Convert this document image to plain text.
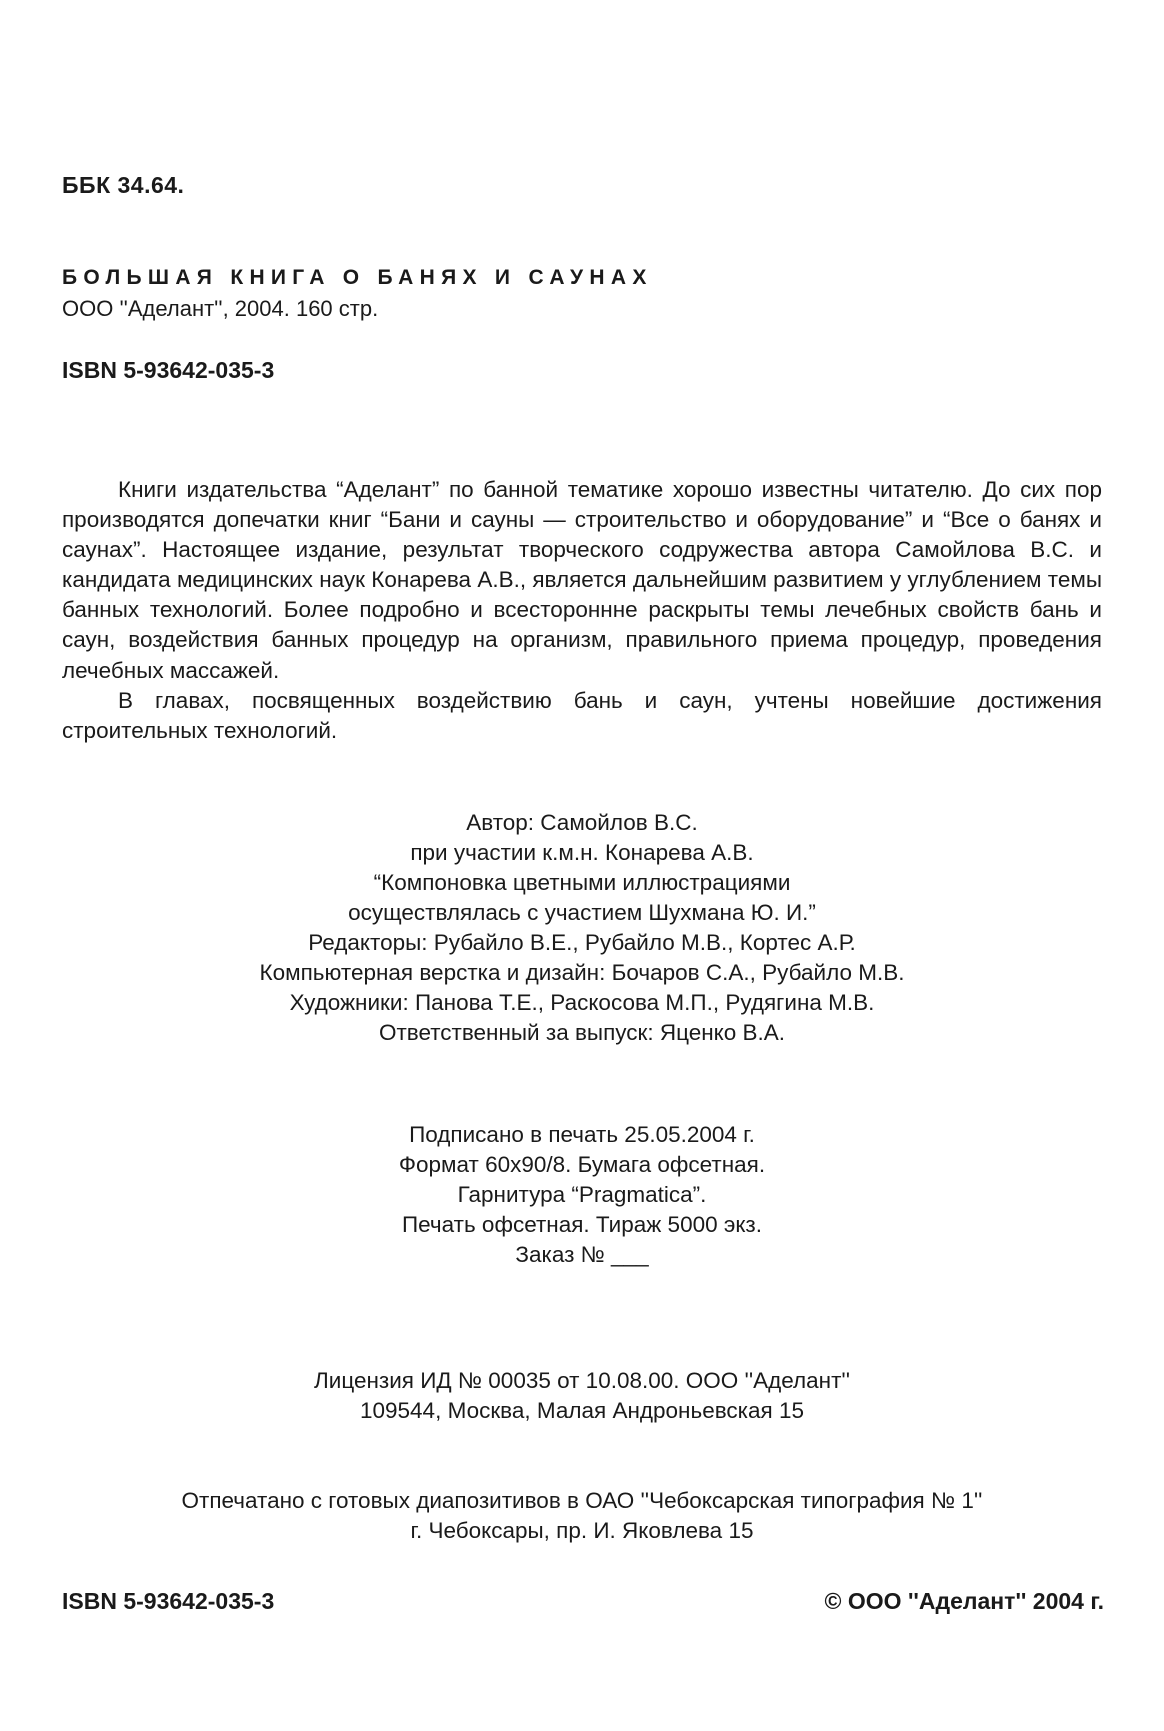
ББК 34.64.
БОЛЬШАЯ КНИГА О БАНЯХ И САУНАХ
ООО ''Аделант'', 2004. 160 стр.
ISBN 5-93642-035-3

Книги издательства “Аделант” по банной тематике хорошо известны читателю. До сих пор производятся допечатки книг “Бани и сауны — строительство и оборудование” и “Все о банях и саунах”. Настоящее издание, результат творческого содружества автора Самойлова В.С. и кандидата медицинских наук Конарева А.В., является дальнейшим развитием у углублением темы банных технологий. Более подробно и всестороннне раскрыты темы лечебных свойств бань и саун, воздействия банных процедур на организм, правильного приема процедур, проведения лечебных массажей.

В главах, посвященных воздействию бань и саун, учтены новейшие достижения строительных технологий.

Автор: Самойлов В.С.
при участии к.м.н. Конарева А.В.
“Компоновка цветными иллюстрациями
осуществлялась с участием Шухмана Ю. И.”
Редакторы: Рубайло В.Е., Рубайло М.В., Кортес А.Р.
Компьютерная верстка и дизайн: Бочаров С.А., Рубайло М.В.
Художники: Панова Т.Е., Раскосова М.П., Рудягина М.В.
Ответственный за выпуск: Яценко В.А.
Подписано в печать 25.05.2004 г.
Формат 60x90/8. Бумага офсетная.
Гарнитура “Pragmatica”.
Печать офсетная. Тираж 5000 экз.
Заказ № ___
Лицензия ИД № 00035 от 10.08.00. ООО ''Аделант''
109544, Москва, Малая Андроньевская 15
Отпечатано с готовых диапозитивов в ОАО ''Чебоксарская типография № 1''
г. Чебоксары, пр. И. Яковлева 15
ISBN 5-93642-035-3	© ООО ''Аделант'' 2004 г.
